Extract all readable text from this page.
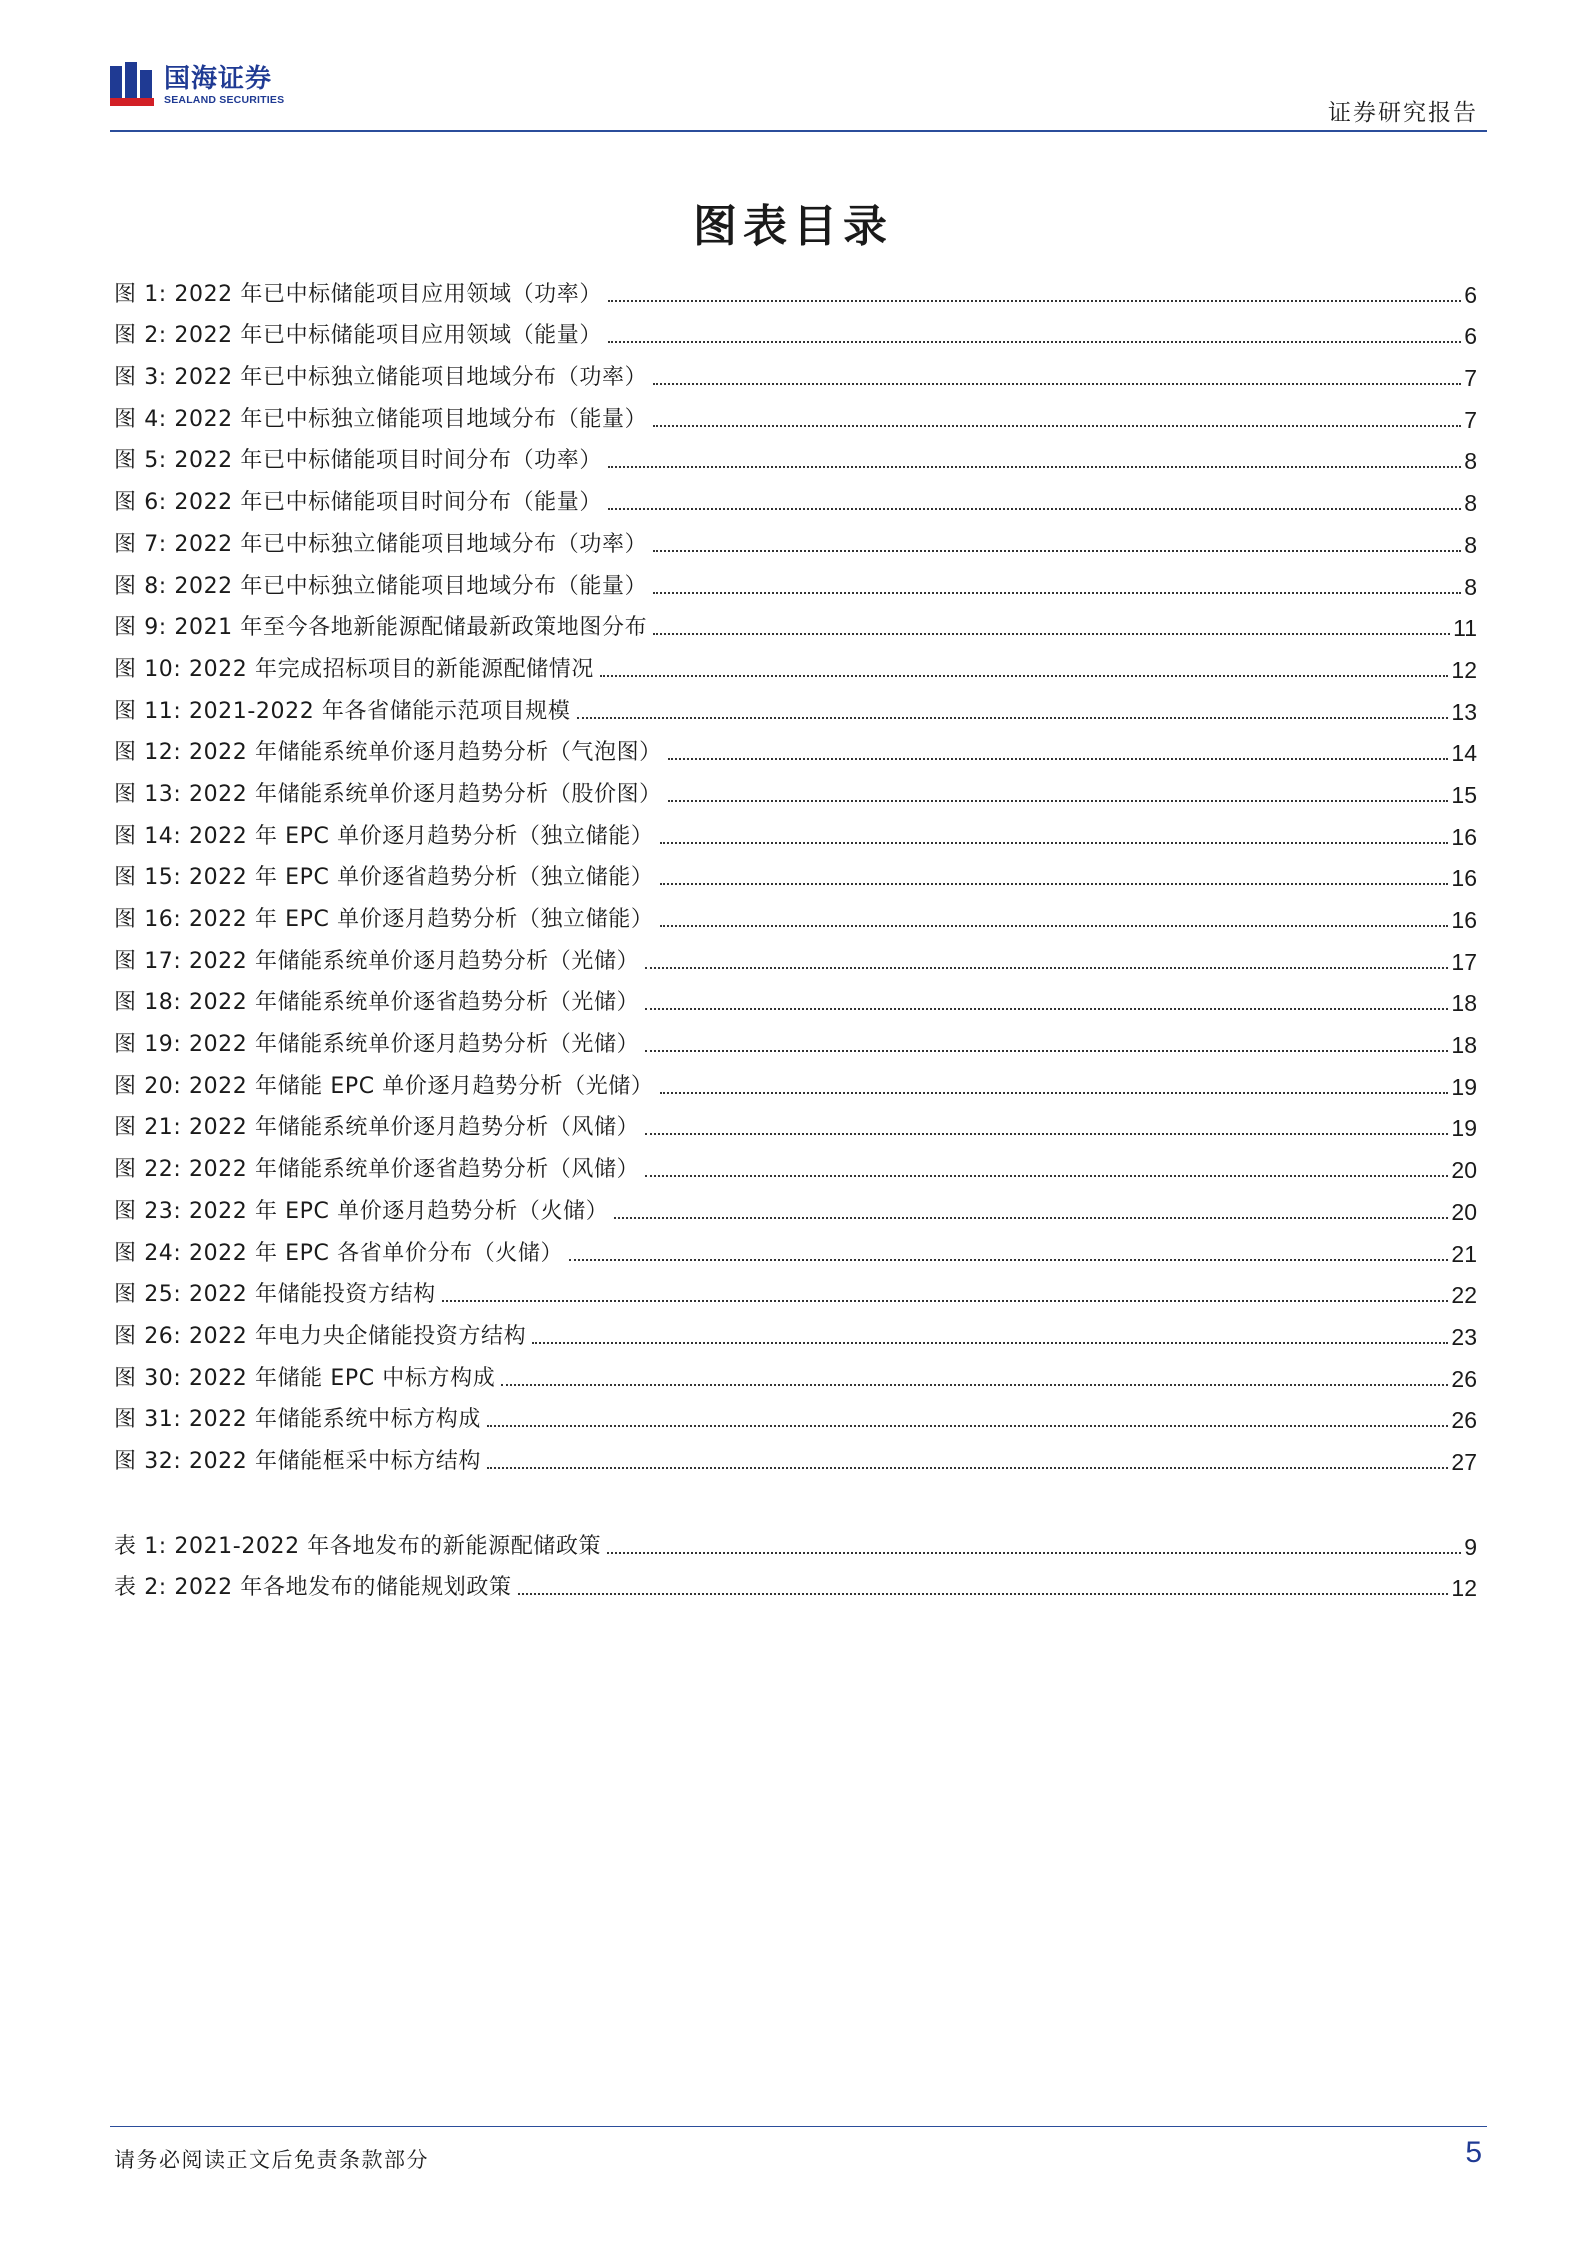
国海证券
SEALAND SECURITIES	证券研究报告
图表目录
图 1: 2022 年已中标储能项目应用领域（功率）	6
图 2: 2022 年已中标储能项目应用领域（能量）	6
图 3: 2022 年已中标独立储能项目地域分布（功率）	7
图 4: 2022 年已中标独立储能项目地域分布（能量）	7
图 5: 2022 年已中标储能项目时间分布（功率）	8
图 6: 2022 年已中标储能项目时间分布（能量）	8
图 7: 2022 年已中标独立储能项目地域分布（功率）	8
图 8: 2022 年已中标独立储能项目地域分布（能量）	8
图 9: 2021 年至今各地新能源配储最新政策地图分布	11
图 10: 2022 年完成招标项目的新能源配储情况	12
图 11: 2021-2022 年各省储能示范项目规模	13
图 12: 2022 年储能系统单价逐月趋势分析（气泡图）	14
图 13: 2022 年储能系统单价逐月趋势分析（股价图）	15
图 14: 2022 年 EPC 单价逐月趋势分析（独立储能）	16
图 15: 2022 年 EPC 单价逐省趋势分析（独立储能）	16
图 16: 2022 年 EPC 单价逐月趋势分析（独立储能）	16
图 17: 2022 年储能系统单价逐月趋势分析（光储）	17
图 18: 2022 年储能系统单价逐省趋势分析（光储）	18
图 19: 2022 年储能系统单价逐月趋势分析（光储）	18
图 20: 2022 年储能 EPC 单价逐月趋势分析（光储）	19
图 21: 2022 年储能系统单价逐月趋势分析（风储）	19
图 22: 2022 年储能系统单价逐省趋势分析（风储）	20
图 23: 2022 年 EPC 单价逐月趋势分析（火储）	20
图 24: 2022 年 EPC 各省单价分布（火储）	21
图 25: 2022 年储能投资方结构	22
图 26: 2022 年电力央企储能投资方结构	23
图 30: 2022 年储能 EPC 中标方构成	26
图 31: 2022 年储能系统中标方构成	26
图 32: 2022 年储能框采中标方结构	27
表 1: 2021-2022 年各地发布的新能源配储政策	9
表 2: 2022 年各地发布的储能规划政策	12
请务必阅读正文后免责条款部分	5
